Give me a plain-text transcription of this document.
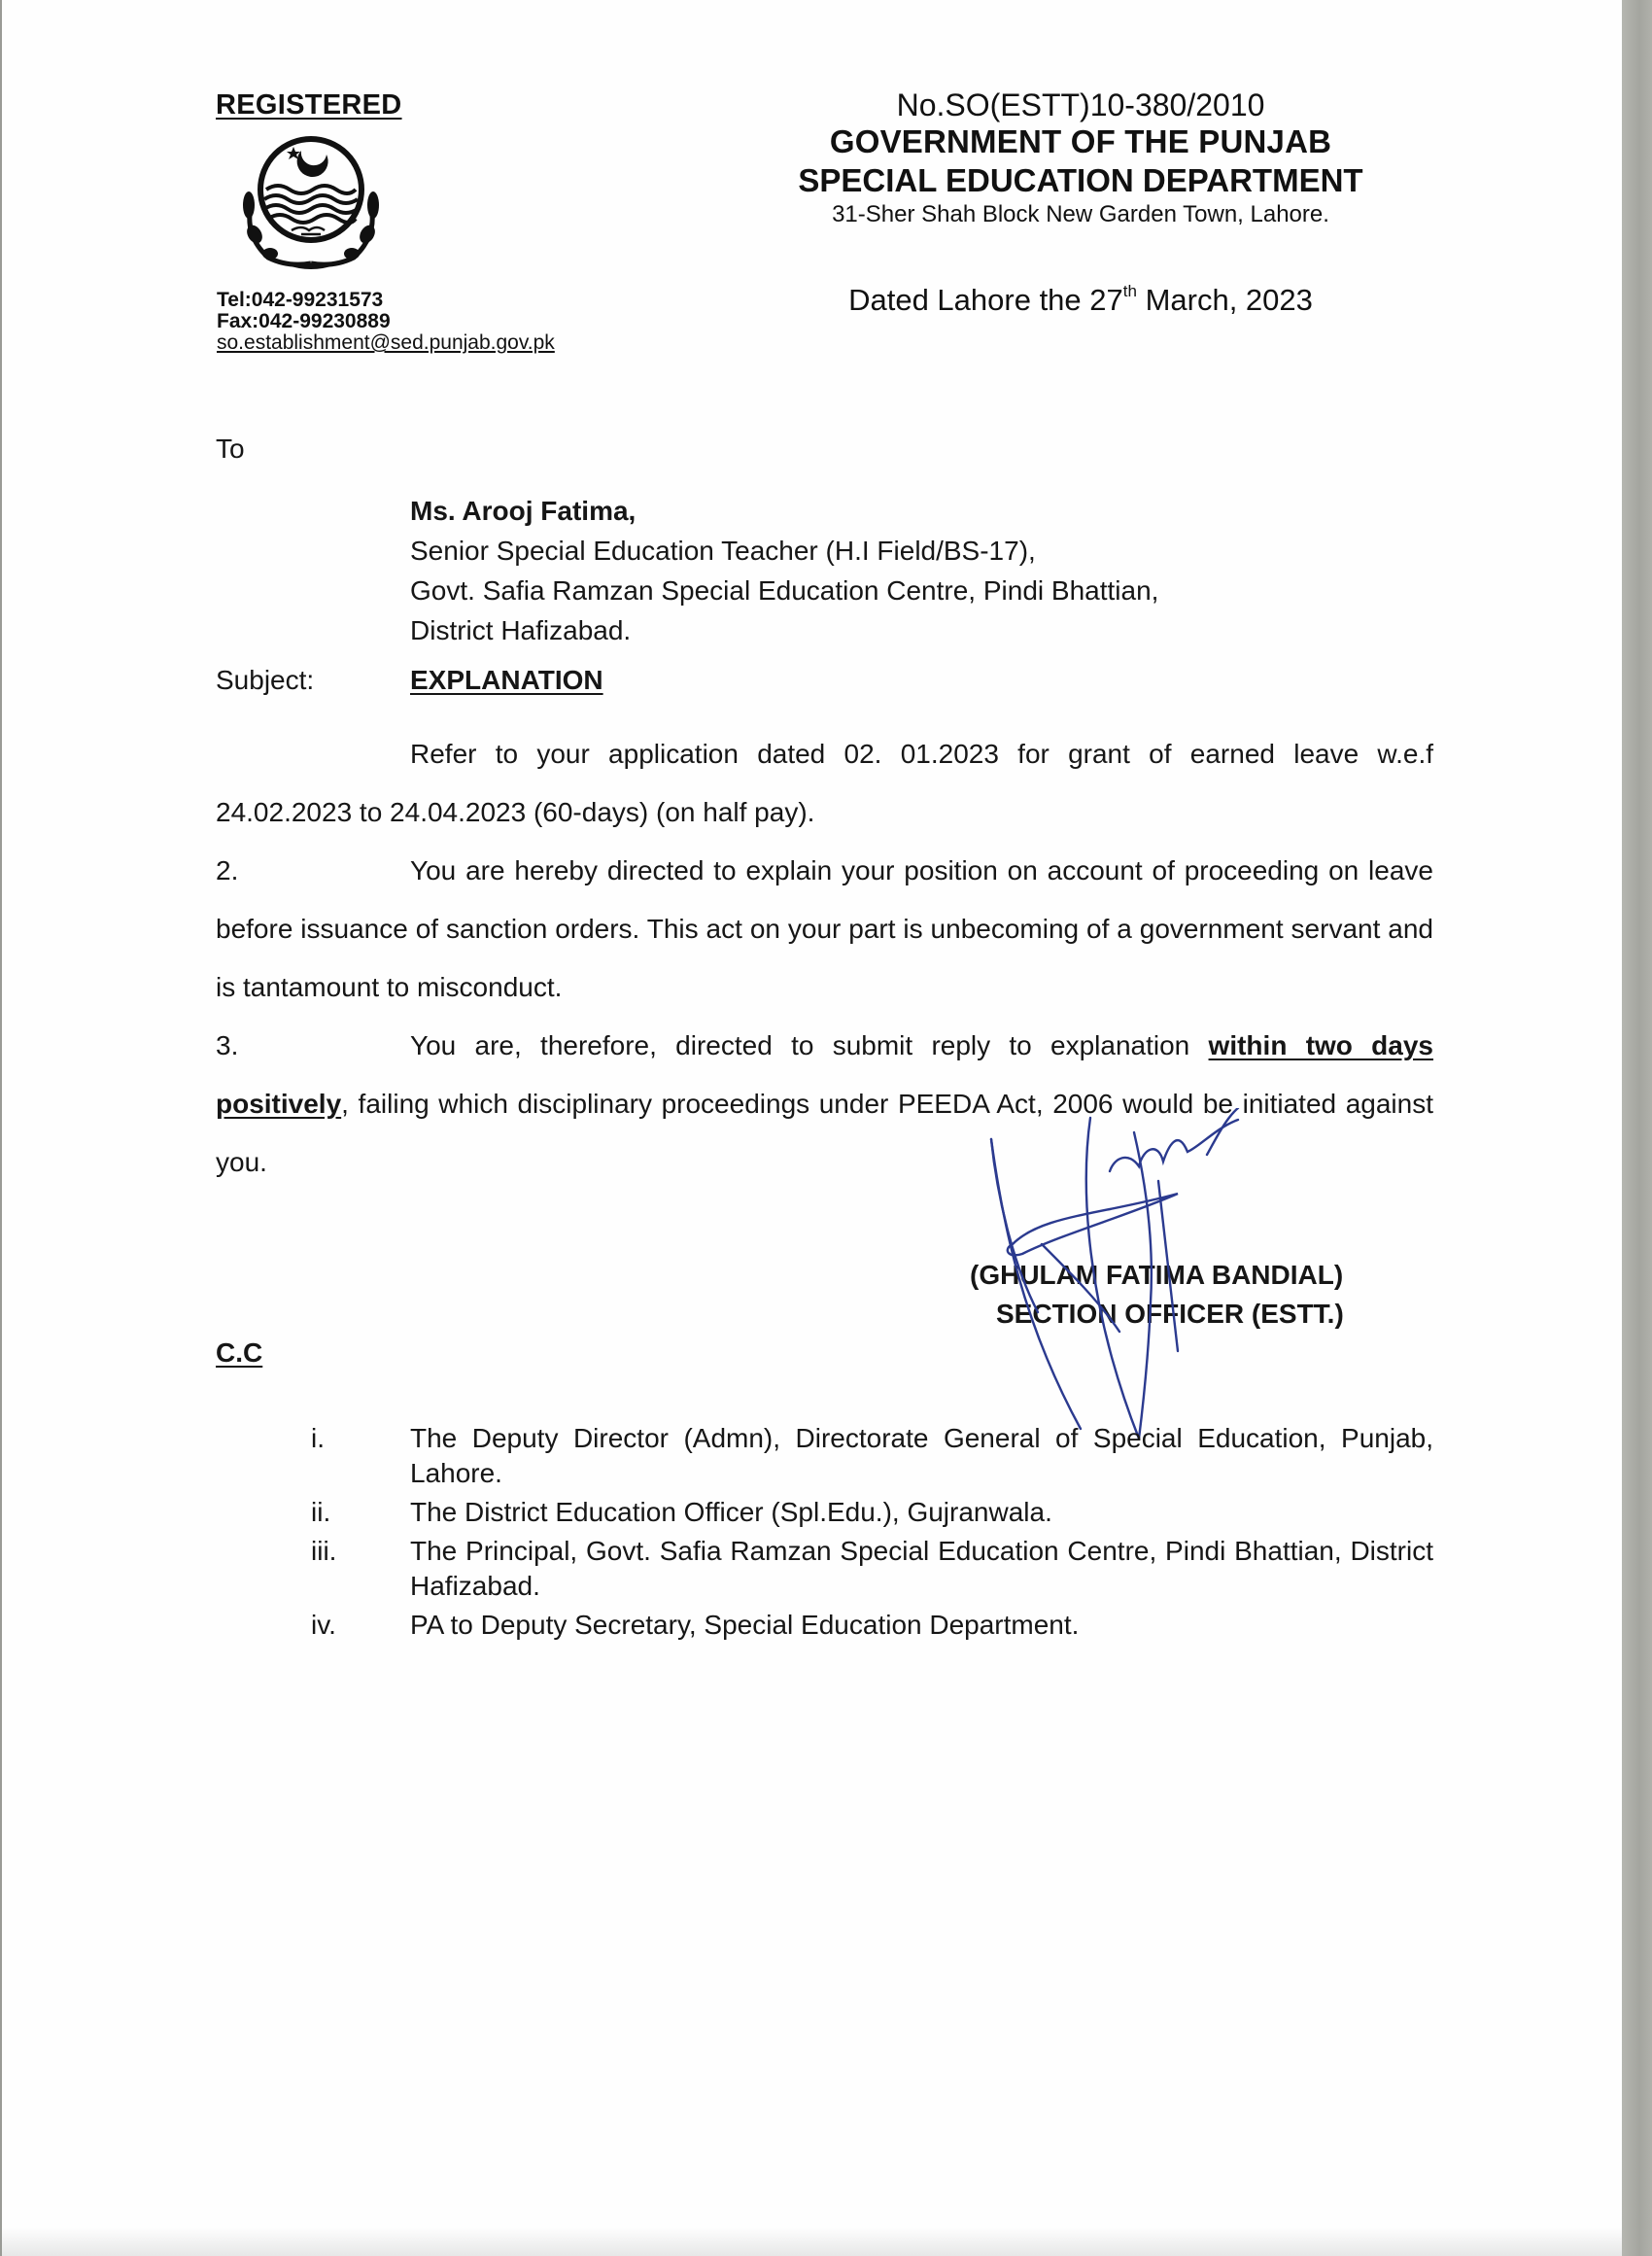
REGISTERED
Tel:042-99231573
Fax:042-99230889
so.establishment@sed.punjab.gov.pk
No.SO(ESTT)10-380/2010
GOVERNMENT OF THE PUNJAB
SPECIAL EDUCATION DEPARTMENT
31-Sher Shah Block New Garden Town, Lahore.
Dated Lahore the 27th March, 2023
To
Ms. Arooj Fatima,
Senior Special Education Teacher (H.I Field/BS-17),
Govt. Safia Ramzan Special Education Centre, Pindi Bhattian,
District Hafizabad.
Subject:	EXPLANATION
Refer to your application dated 02. 01.2023 for grant of earned leave w.e.f 24.02.2023 to 24.04.2023 (60-days) (on half pay).
2.	You are hereby directed to explain your position on account of proceeding on leave before issuance of sanction orders. This act on your part is unbecoming of a government servant and is tantamount to misconduct.
3.	You are, therefore, directed to submit reply to explanation within two days positively, failing which disciplinary proceedings under PEEDA Act, 2006 would be initiated against you.
(GHULAM FATIMA BANDIAL)
SECTION OFFICER (ESTT.)
C.C
i.	The Deputy Director (Admn), Directorate General of Special Education, Punjab, Lahore.
ii.	The District Education Officer (Spl.Edu.), Gujranwala.
iii.	The Principal, Govt. Safia Ramzan Special Education Centre, Pindi Bhattian, District Hafizabad.
iv.	PA to Deputy Secretary, Special Education Department.
